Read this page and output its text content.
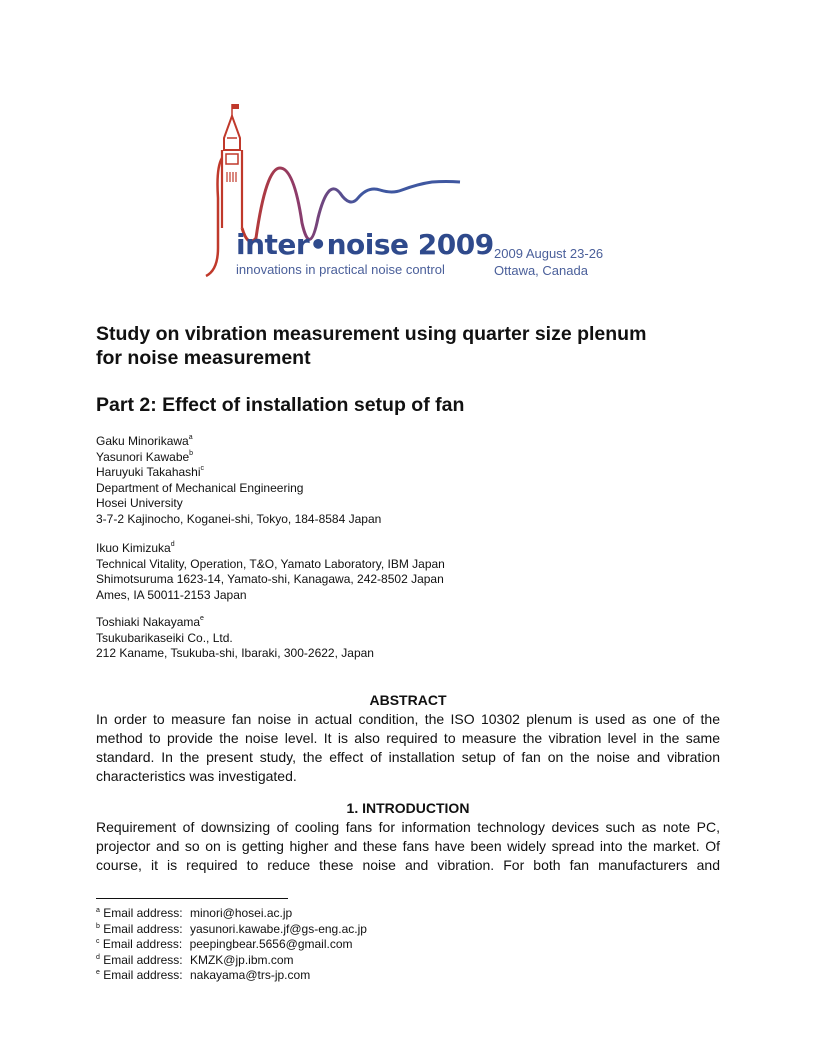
inter•noise 2009
innovations in practical noise control
2009 August 23-26
Ottawa, Canada
Study on vibration measurement using quarter size plenum
for noise measurement
Part 2: Effect of installation setup of fan
Gaku Minorikawa$^a$
Yasunori Kawabe$^b$
Haruyuki Takahashi$^c$
Department of Mechanical Engineering
Hosei University
3-7-2 Kajinocho, Koganei-shi, Tokyo, 184-8584 Japan
Ikuo Kimizuka$^d$
Technical Vitality, Operation, T&O, Yamato Laboratory, IBM Japan
Shimotsuruma 1623-14, Yamato-shi, Kanagawa, 242-8502 Japan
Ames, IA 50011-2153 Japan
Toshiaki Nakayama$^e$
Tsukubarikaseiki Co., Ltd.
212 Kaname, Tsukuba-shi, Ibaraki, 300-2622, Japan
ABSTRACT
In order to measure fan noise in actual condition, the ISO 10302 plenum is used as one of the
method to provide the noise level. It is also required to measure the vibration level in the same
standard. In the present study, the effect of installation setup of fan on the noise and vibration
characteristics was investigated.
1. INTRODUCTION
Requirement of downsizing of cooling fans for information technology devices such as note PC,
projector and so on is getting higher and these fans have been widely spread into the market. Of
course, it is required to reduce these noise and vibration. For both fan manufacturers and
$^a$ Email address: minori@hosei.ac.jp
$^b$ Email address: yasunori.kawabe.jf@gs-eng.ac.jp
$^c$ Email address: peepingbear.5656@gmail.com
$^d$ Email address: KMZK@jp.ibm.com
$^e$ Email address: nakayama@trs-jp.com
